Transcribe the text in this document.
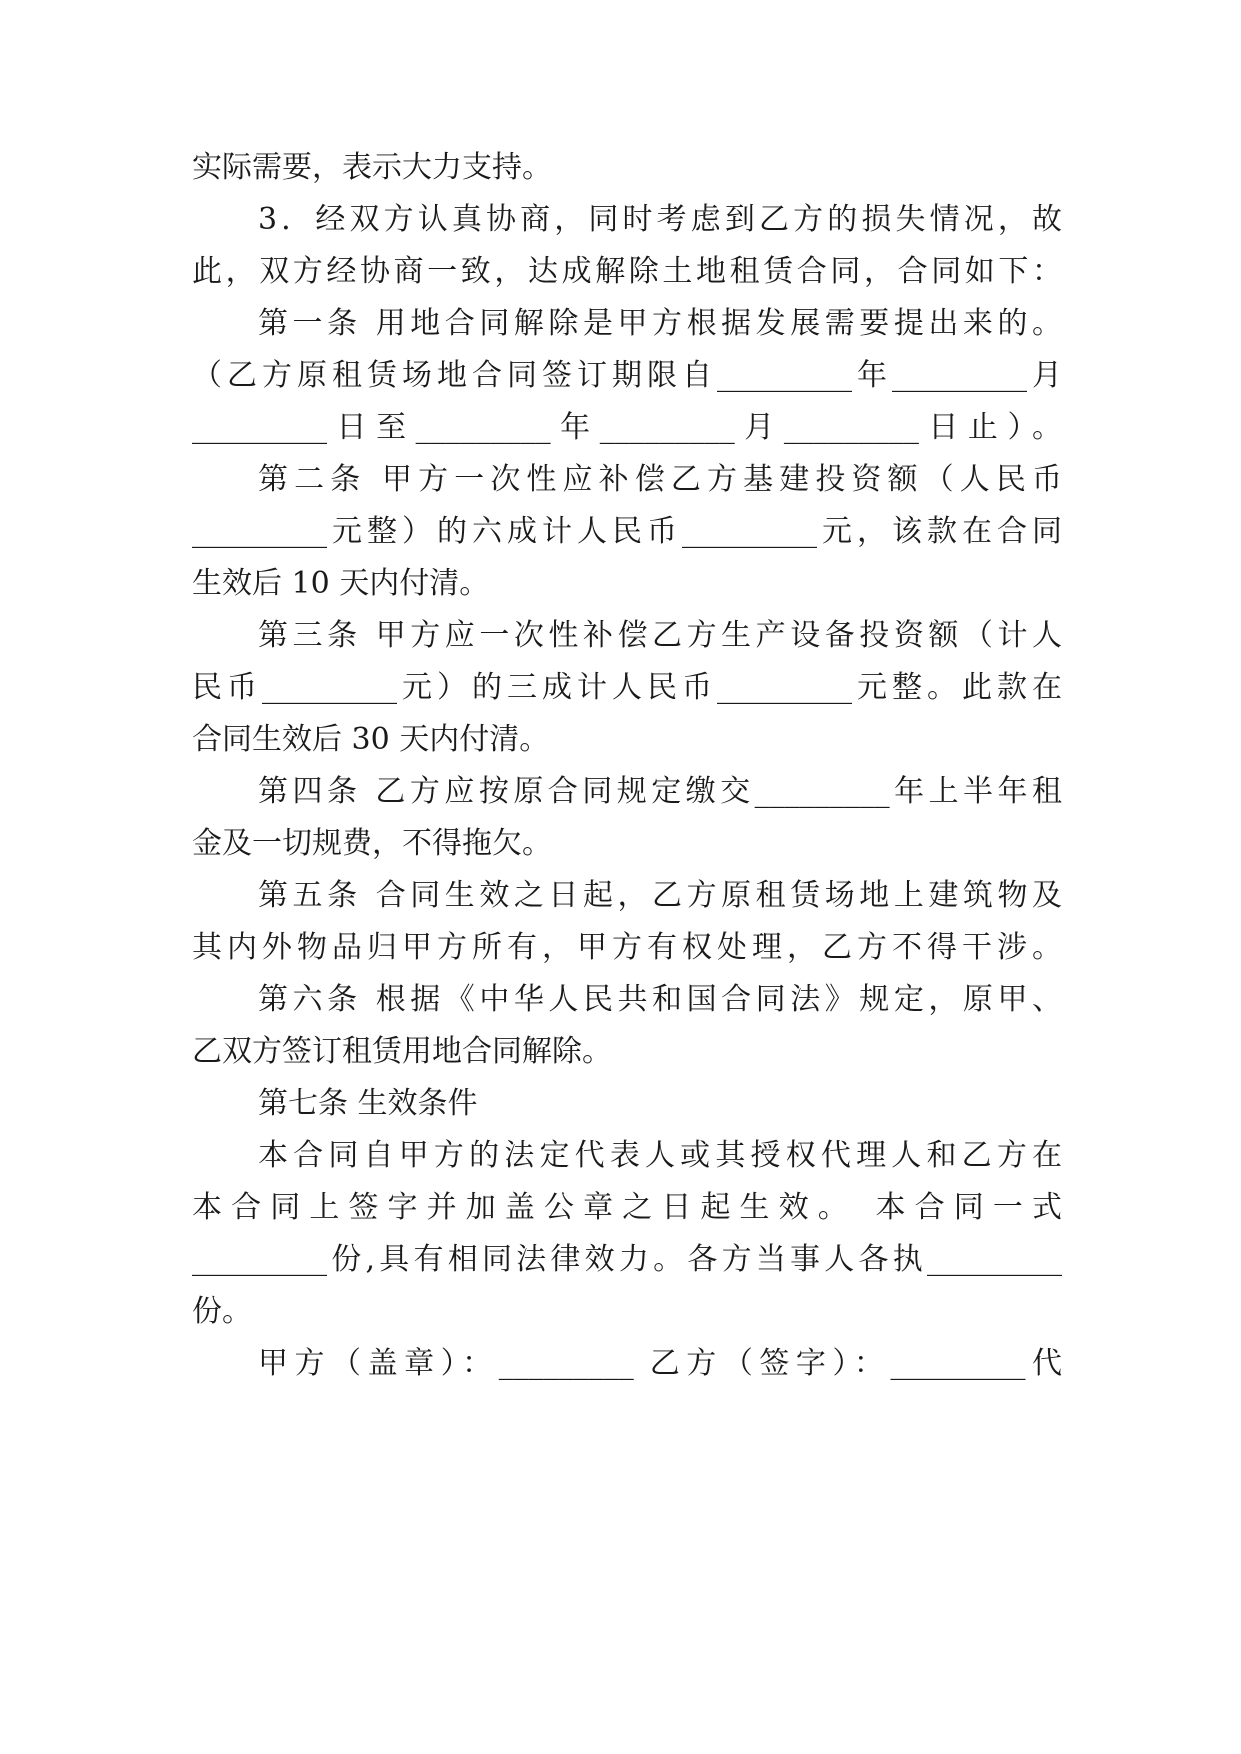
实际需要，表示大力支持。
3．经双方认真协商，同时考虑到乙方的损失情况，故
此，双方经协商一致，达成解除土地租赁合同，合同如下：
第一条 用地合同解除是甲方根据发展需要提出来的。
（乙方原租赁场地合同签订期限自_________年_________月
_________日至_________年_________月_________日止）。
第二条 甲方一次性应补偿乙方基建投资额（人民币
_________元整）的六成计人民币_________元，该款在合同
生效后 10 天内付清。
第三条 甲方应一次性补偿乙方生产设备投资额（计人
民币_________元）的三成计人民币_________元整。此款在
合同生效后 30 天内付清。
第四条 乙方应按原合同规定缴交_________年上半年租
金及一切规费，不得拖欠。
第五条 合同生效之日起，乙方原租赁场地上建筑物及
其内外物品归甲方所有，甲方有权处理，乙方不得干涉。
第六条 根据《中华人民共和国合同法》规定，原甲、
乙双方签订租赁用地合同解除。
第七条 生效条件
本合同自甲方的法定代表人或其授权代理人和乙方在
本合同上签字并加盖公章之日起生效。 本合同一式
_________份,具有相同法律效力。各方当事人各执_________
份。
甲方（盖章）：_________ 乙方（签字）：_________代
